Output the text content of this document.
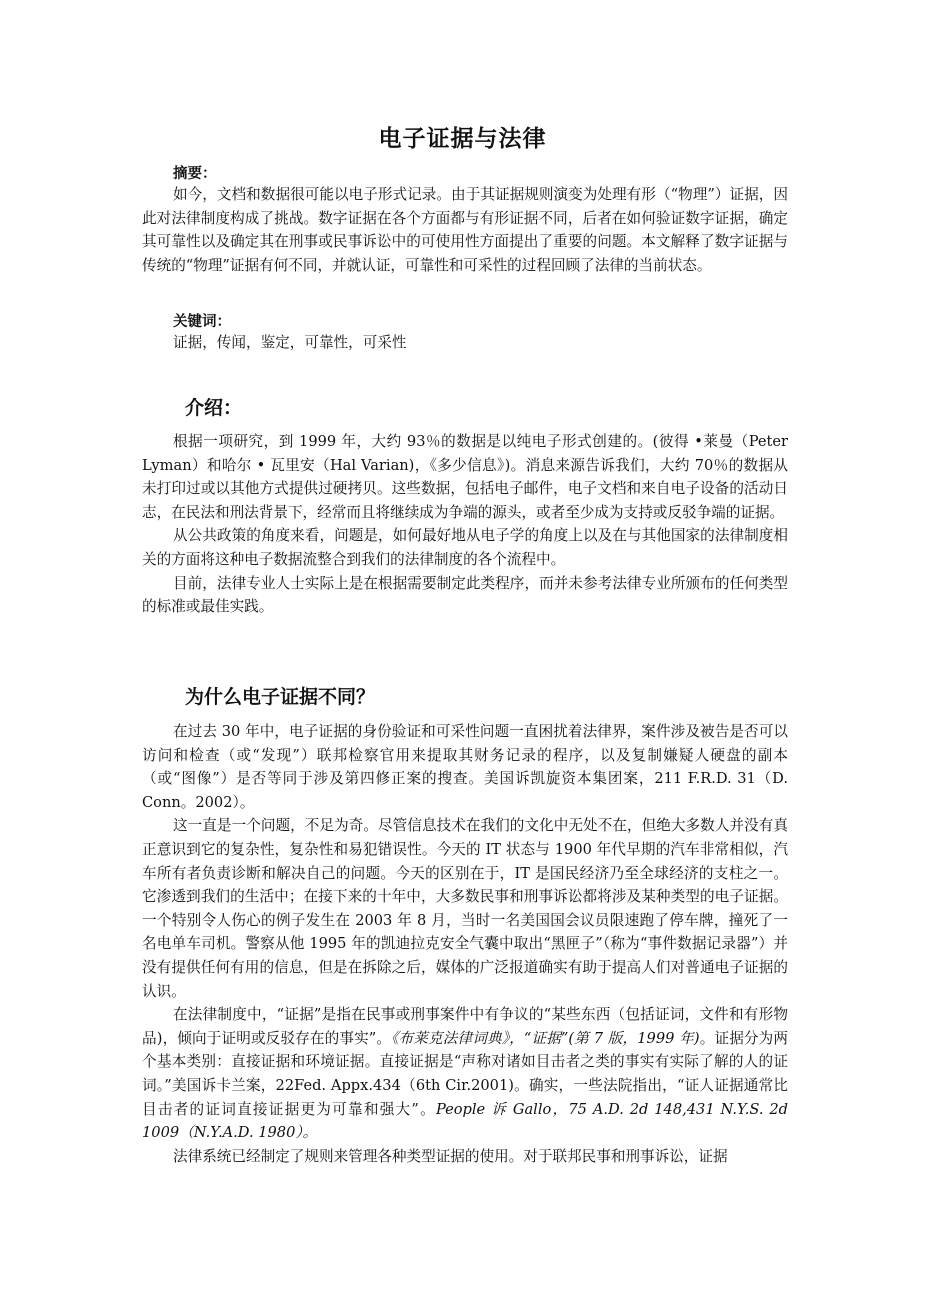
电子证据与法律
摘要：

如今，文档和数据很可能以电子形式记录。由于其证据规则演变为处理有形（“物理”）证据，因此对法律制度构成了挑战。数字证据在各个方面都与有形证据不同，后者在如何验证数字证据，确定其可靠性以及确定其在刑事或民事诉讼中的可使用性方面提出了重要的问题。本文解释了数字证据与传统的“物理”证据有何不同，并就认证，可靠性和可采性的过程回顾了法律的当前状态。

关键词：

证据，传闻，鉴定，可靠性，可采性

介绍：

根据一项研究，到 1999 年，大约 93％的数据是以纯电子形式创建的。(彼得 •莱曼（Peter Lyman）和哈尔 • 瓦里安（Hal Varian)，《多少信息》)。消息来源告诉我们，大约 70％的数据从未打印过或以其他方式提供过硬拷贝。这些数据，包括电子邮件，电子文档和来自电子设备的活动日志，在民法和刑法背景下，经常而且将继续成为争端的源头，或者至少成为支持或反驳争端的证据。

从公共政策的角度来看，问题是，如何最好地从电子学的角度上以及在与其他国家的法律制度相关的方面将这种电子数据流整合到我们的法律制度的各个流程中。

目前，法律专业人士实际上是在根据需要制定此类程序，而并未参考法律专业所颁布的任何类型的标准或最佳实践。

为什么电子证据不同？

在过去 30 年中，电子证据的身份验证和可采性问题一直困扰着法律界，案件涉及被告是否可以访问和检查（或“发现”）联邦检察官用来提取其财务记录的程序，以及复制嫌疑人硬盘的副本（或“图像”）是否等同于涉及第四修正案的搜查。美国诉凯旋资本集团案，211 F.R.D. 31（D. Conn。2002）。

这一直是一个问题，不足为奇。尽管信息技术在我们的文化中无处不在，但绝大多数人并没有真正意识到它的复杂性，复杂性和易犯错误性。今天的 IT 状态与 1900 年代早期的汽车非常相似，汽车所有者负责诊断和解决自己的问题。今天的区别在于，IT 是国民经济乃至全球经济的支柱之一。它渗透到我们的生活中；在接下来的十年中，大多数民事和刑事诉讼都将涉及某种类型的电子证据。一个特别令人伤心的例子发生在 2003 年 8 月，当时一名美国国会议员限速跑了停车牌，撞死了一名电单车司机。警察从他 1995 年的凯迪拉克安全气囊中取出“黑匣子”（称为“事件数据记录器”）并没有提供任何有用的信息，但是在拆除之后，媒体的广泛报道确实有助于提高人们对普通电子证据的认识。

在法律制度中，“证据”是指在民事或刑事案件中有争议的“某些东西（包括证词，文件和有形物品)，倾向于证明或反驳存在的事实”。《布莱克法律词典》，“证据”(第 7 版，1999 年)。证据分为两个基本类别：直接证据和环境证据。直接证据是“声称对诸如目击者之类的事实有实际了解的人的证词。”美国诉卡兰案，22Fed. Appx.434（6th Cir.2001)。确实，一些法院指出，“证人证据通常比目击者的证词直接证据更为可靠和强大”。People 诉 Gallo，75 A.D. 2d 148,431 N.Y.S. 2d 1009（N.Y.A.D. 1980）。

法律系统已经制定了规则来管理各种类型证据的使用。对于联邦民事和刑事诉讼，证据
